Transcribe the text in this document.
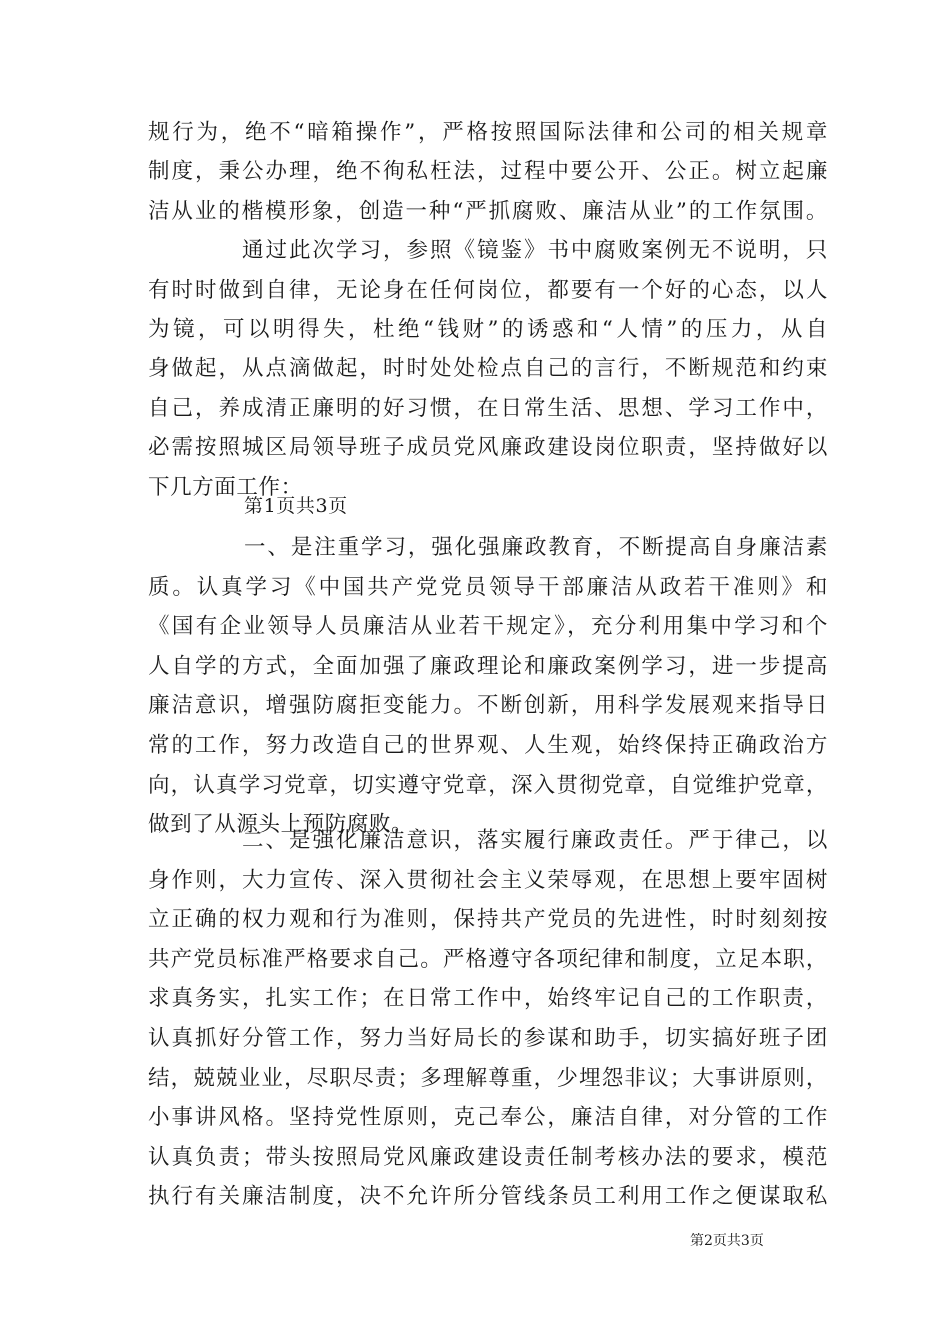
规行为，绝不“暗箱操作”，严格按照国际法律和公司的相关规章
制度，秉公办理，绝不徇私枉法，过程中要公开、公正。树立起廉
洁从业的楷模形象，创造一种“严抓腐败、廉洁从业”的工作氛围。
通过此次学习，参照《镜鉴》书中腐败案例无不说明，只
有时时做到自律，无论身在任何岗位，都要有一个好的心态，以人
为镜，可以明得失，杜绝“钱财”的诱惑和“人情”的压力，从自
身做起，从点滴做起，时时处处检点自己的言行，不断规范和约束
自己，养成清正廉明的好习惯，在日常生活、思想、学习工作中，
必需按照城区局领导班子成员党风廉政建设岗位职责，坚持做好以
下几方面工作：
第1页共3页
一、是注重学习，强化强廉政教育，不断提高自身廉洁素
质。认真学习《中国共产党党员领导干部廉洁从政若干准则》和
《国有企业领导人员廉洁从业若干规定》，充分利用集中学习和个
人自学的方式，全面加强了廉政理论和廉政案例学习，进一步提高
廉洁意识，增强防腐拒变能力。不断创新，用科学发展观来指导日
常的工作，努力改造自己的世界观、人生观，始终保持正确政治方
向，认真学习党章，切实遵守党章，深入贯彻党章，自觉维护党章，
做到了从源头上预防腐败。
二、是强化廉洁意识，落实履行廉政责任。严于律己，以
身作则，大力宣传、深入贯彻社会主义荣辱观，在思想上要牢固树
立正确的权力观和行为准则，保持共产党员的先进性，时时刻刻按
共产党员标准严格要求自己。严格遵守各项纪律和制度，立足本职，
求真务实，扎实工作；在日常工作中，始终牢记自己的工作职责，
认真抓好分管工作，努力当好局长的参谋和助手，切实搞好班子团
结，兢兢业业，尽职尽责；多理解尊重，少埋怨非议；大事讲原则，
小事讲风格。坚持党性原则，克己奉公，廉洁自律，对分管的工作
认真负责；带头按照局党风廉政建设责任制考核办法的要求，模范
执行有关廉洁制度，决不允许所分管线条员工利用工作之便谋取私
第2页共3页
